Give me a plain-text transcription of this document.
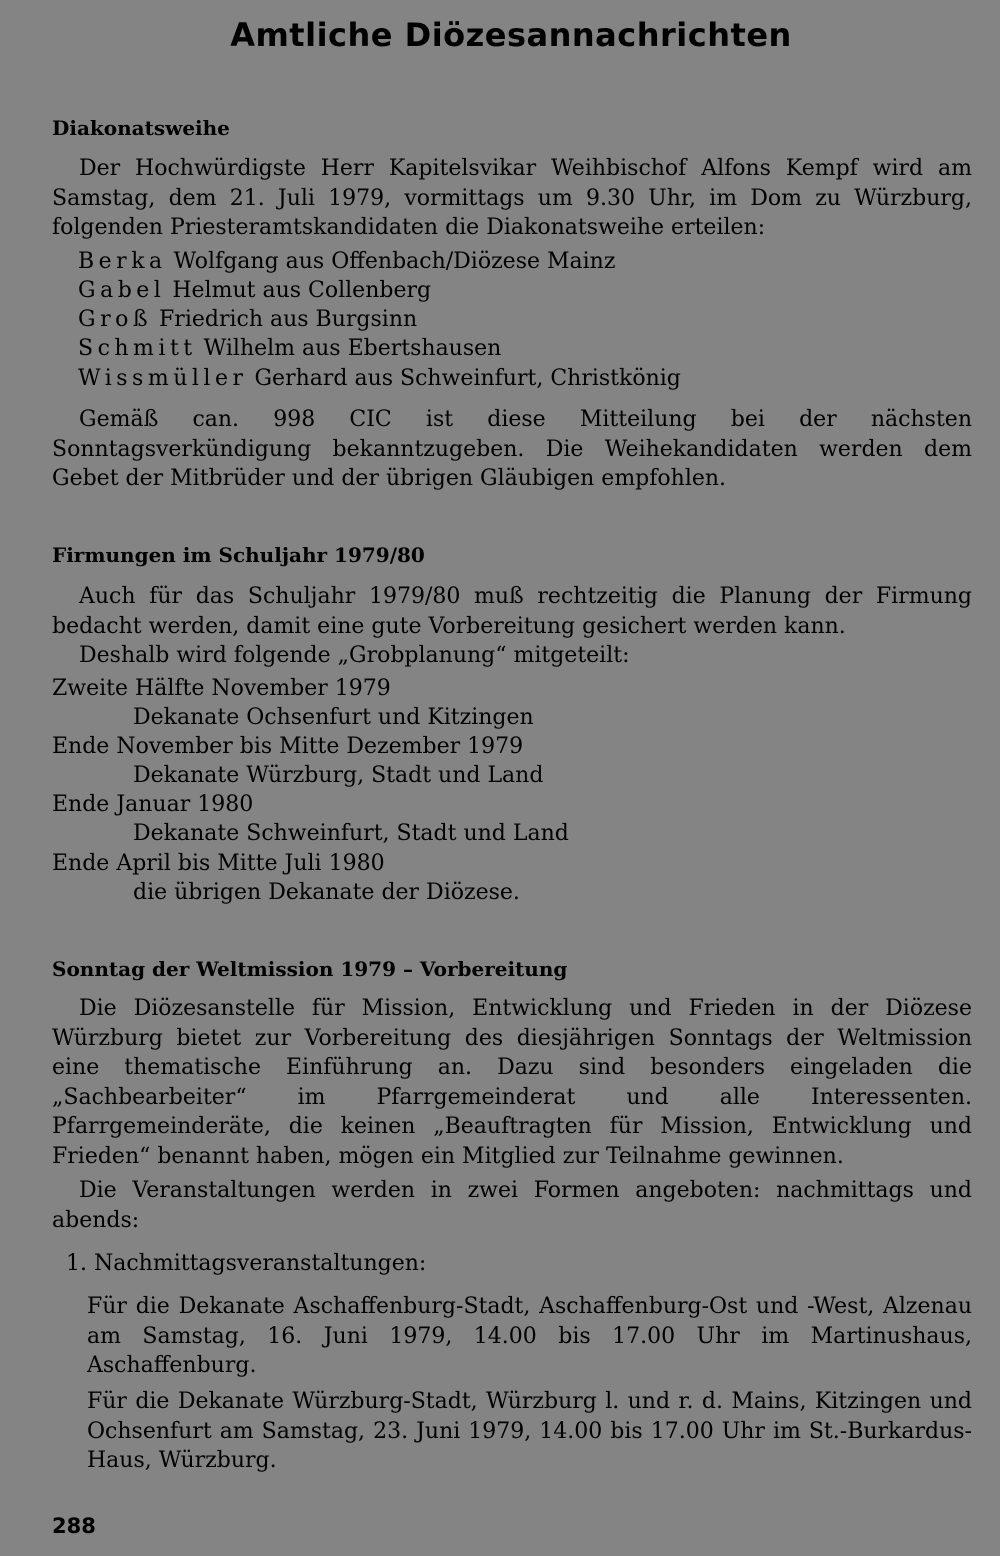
Amtliche Diözesannachrichten
Diakonatsweihe
Der Hochwürdigste Herr Kapitelsvikar Weihbischof Alfons Kempf wird am Samstag, dem 21. Juli 1979, vormittags um 9.30 Uhr, im Dom zu Würzburg, folgenden Priesteramtskandidaten die Diakonatsweihe erteilen:
Berka Wolfgang aus Offenbach/Diözese Mainz
Gabel Helmut aus Collenberg
Groß Friedrich aus Burgsinn
Schmitt Wilhelm aus Ebertshausen
Wissmüller Gerhard aus Schweinfurt, Christkönig
Gemäß can. 998 CIC ist diese Mitteilung bei der nächsten Sonntagsverkündigung bekanntzugeben. Die Weihekandidaten werden dem Gebet der Mitbrüder und der übrigen Gläubigen empfohlen.
Firmungen im Schuljahr 1979/80
Auch für das Schuljahr 1979/80 muß rechtzeitig die Planung der Firmung bedacht werden, damit eine gute Vorbereitung gesichert werden kann.
Deshalb wird folgende „Grobplanung“ mitgeteilt:
Zweite Hälfte November 1979
Dekanate Ochsenfurt und Kitzingen
Ende November bis Mitte Dezember 1979
Dekanate Würzburg, Stadt und Land
Ende Januar 1980
Dekanate Schweinfurt, Stadt und Land
Ende April bis Mitte Juli 1980
die übrigen Dekanate der Diözese.
Sonntag der Weltmission 1979 – Vorbereitung
Die Diözesanstelle für Mission, Entwicklung und Frieden in der Diözese Würzburg bietet zur Vorbereitung des diesjährigen Sonntags der Weltmission eine thematische Einführung an. Dazu sind besonders eingeladen die „Sachbearbeiter“ im Pfarrgemeinderat und alle Interessenten. Pfarrgemeinderäte, die keinen „Beauftragten für Mission, Entwicklung und Frieden“ benannt haben, mögen ein Mitglied zur Teilnahme gewinnen.
Die Veranstaltungen werden in zwei Formen angeboten: nachmittags und abends:
1. Nachmittagsveranstaltungen:
Für die Dekanate Aschaffenburg-Stadt, Aschaffenburg-Ost und -West, Alzenau am Samstag, 16. Juni 1979, 14.00 bis 17.00 Uhr im Martinushaus, Aschaffenburg.
Für die Dekanate Würzburg-Stadt, Würzburg l. und r. d. Mains, Kitzingen und Ochsenfurt am Samstag, 23. Juni 1979, 14.00 bis 17.00 Uhr im St.-Burkardus-Haus, Würzburg.
288
